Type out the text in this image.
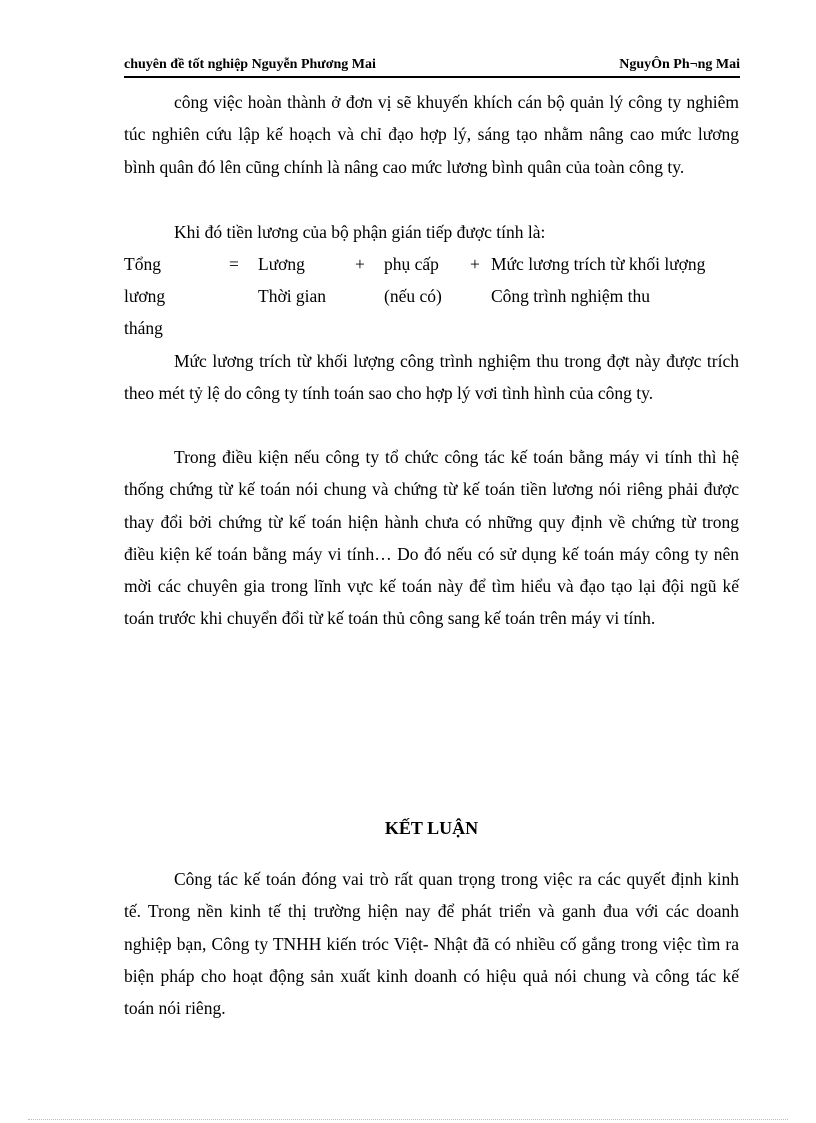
chuyên đề tốt nghiệp Nguyễn Phương Mai	NguyÔn Ph¬ng Mai

công việc hoàn thành ở đơn vị sẽ khuyến khích cán bộ quản lý công ty nghiêm túc nghiên cứu lập kế hoạch và chỉ đạo hợp lý, sáng tạo nhằm nâng cao mức lương bình quân đó lên cũng chính là nâng cao mức lương bình quân của toàn công ty.

Khi đó tiền lương của bộ phận gián tiếp được tính là:

Tổng
lương
tháng
= Lương
Thời gian
+ phụ cấp
(nếu có)
+ Mức lương trích từ khối lượng
Công trình nghiệm thu

Mức lương trích từ khối lượng công trình nghiệm thu trong đợt này được trích theo mét tỷ lệ do công ty tính toán sao cho hợp lý vơi tình hình của công ty.

Trong điều kiện nếu công ty tổ chức công tác kế toán bằng máy vi tính thì hệ thống chứng từ kế toán nói chung và chứng từ kế toán tiền lương nói riêng phải được thay đổi bởi chứng từ kế toán hiện hành chưa có những quy định về chứng từ trong điều kiện kế toán bằng máy vi tính… Do đó nếu có sử dụng kế toán máy công ty nên mời các chuyên gia trong lĩnh vực kế toán này để tìm hiểu và đạo tạo lại đội ngũ kế toán trước khi chuyển đổi từ kế toán thủ công sang kế toán trên máy vi tính.

KẾT LUẬN

Công tác kế toán đóng vai trò rất quan trọng trong việc ra các quyết định kinh tế. Trong nền kinh tế thị trường hiện nay để phát triển và ganh đua với các doanh nghiệp bạn, Công ty TNHH kiến tróc Việt- Nhật đã có nhiều cố gắng trong việc tìm ra biện pháp cho hoạt động sản xuất kinh doanh có hiệu quả nói chung và công tác kế toán nói riêng.
